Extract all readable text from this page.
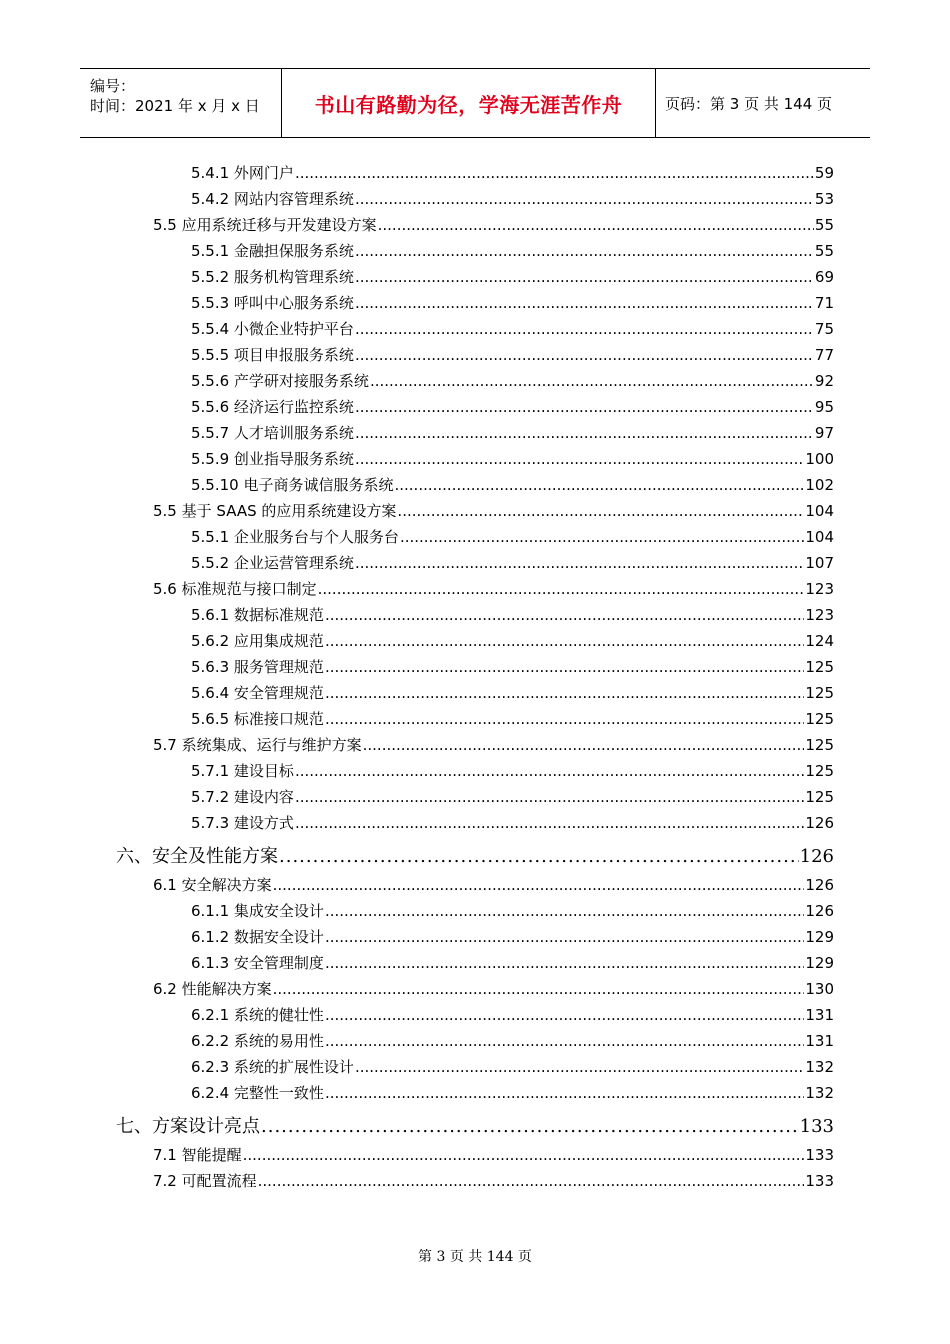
编号：
时间：2021 年 x 月 x 日	书山有路勤为径，学海无涯苦作舟	页码：第 3 页 共 144 页
5.4.1 外网门户 .....	59
5.4.2 网站内容管理系统 .....	53
5.5 应用系统迁移与开发建设方案 .....	55
5.5.1 金融担保服务系统 .....	55
5.5.2 服务机构管理系统 .....	69
5.5.3 呼叫中心服务系统 .....	71
5.5.4 小微企业特护平台 .....	75
5.5.5 项目申报服务系统 .....	77
5.5.6 产学研对接服务系统 .....	92
5.5.6 经济运行监控系统 .....	95
5.5.7 人才培训服务系统 .....	97
5.5.9 创业指导服务系统 .....	100
5.5.10 电子商务诚信服务系统 .....	102
5.5 基于 SAAS 的应用系统建设方案 .....	104
5.5.1 企业服务台与个人服务台 .....	104
5.5.2 企业运营管理系统 .....	107
5.6 标准规范与接口制定 .....	123
5.6.1 数据标准规范 .....	123
5.6.2 应用集成规范 .....	124
5.6.3 服务管理规范 .....	125
5.6.4 安全管理规范 .....	125
5.6.5 标准接口规范 .....	125
5.7 系统集成、运行与维护方案 .....	125
5.7.1 建设目标 .....	125
5.7.2 建设内容 .....	125
5.7.3 建设方式 .....	126
六、安全及性能方案 .....	126
6.1 安全解决方案 .....	126
6.1.1 集成安全设计 .....	126
6.1.2 数据安全设计 .....	129
6.1.3 安全管理制度 .....	129
6.2 性能解决方案 .....	130
6.2.1 系统的健壮性 .....	131
6.2.2 系统的易用性 .....	131
6.2.3 系统的扩展性设计 .....	132
6.2.4 完整性一致性 .....	132
七、方案设计亮点 .....	133
7.1 智能提醒 .....	133
7.2 可配置流程 .....	133
第 3 页 共 144 页
